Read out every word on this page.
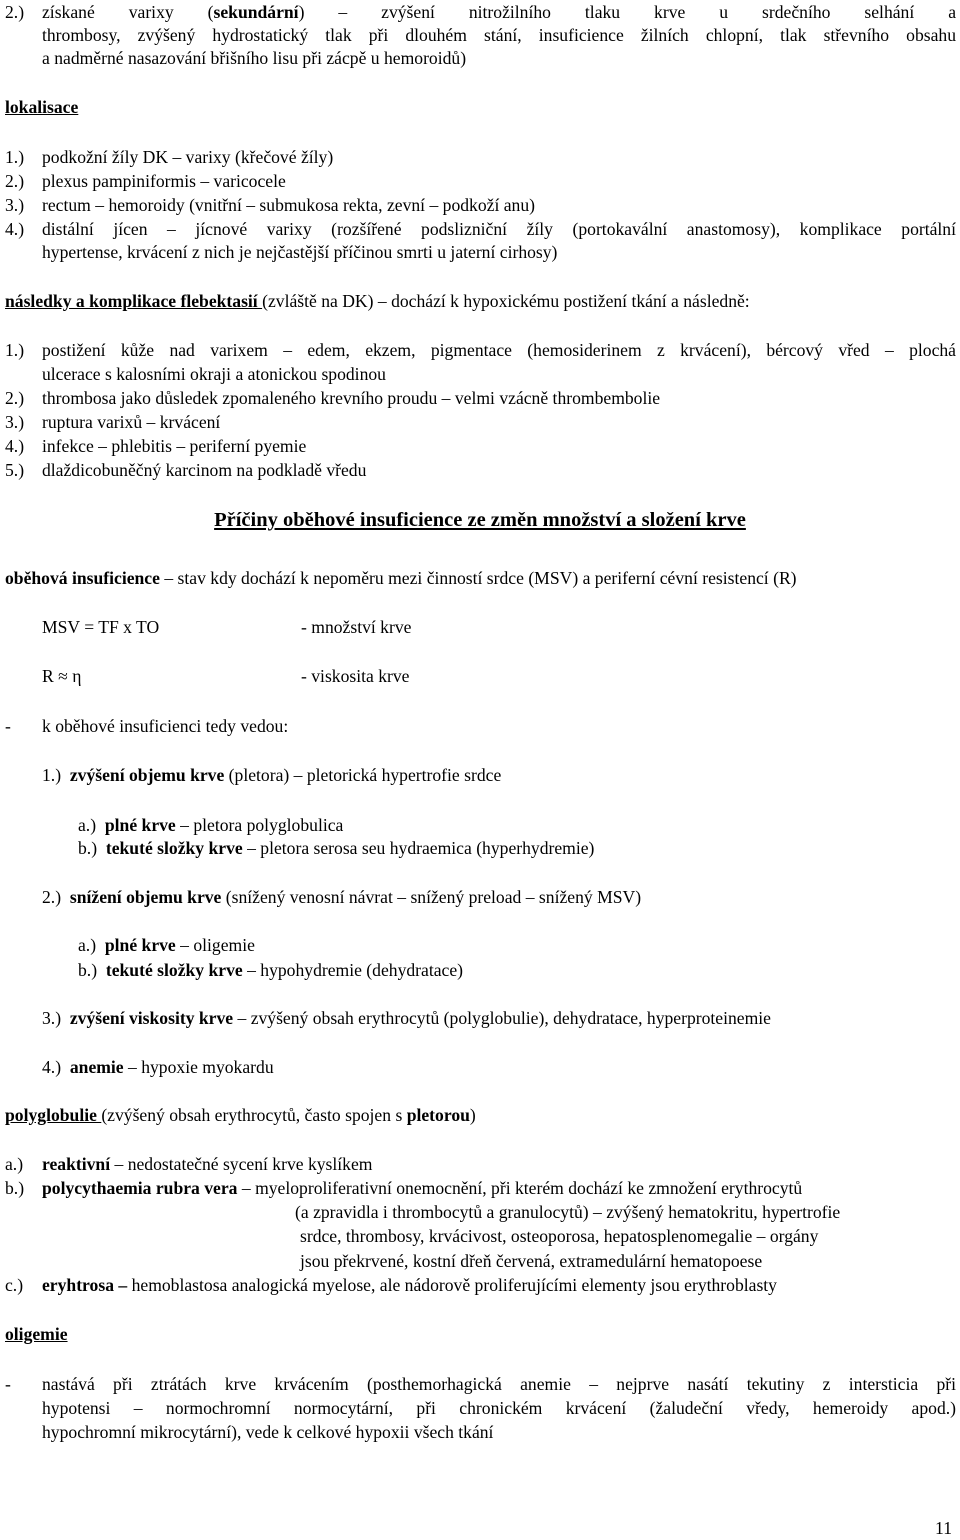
2.) získané varixy (sekundární) – zvýšení nitrožilního tlaku krve u srdečního selhání a
thrombosy, zvýšený hydrostatický tlak při dlouhém stání, insuficience žilních chlopní, tlak střevního obsahu
a nadměrné nasazování břišního lisu při zácpě u hemoroidů)
lokalisace
1.) podkožní žíly DK – varixy (křečové žíly)
2.) plexus pampiniformis – varicocele
3.) rectum – hemoroidy (vnitřní – submukosa rekta, zevní – podkoží anu)
4.) distální jícen – jícnové varixy (rozšířené podslizniční žíly (portokavální anastomosy), komplikace portální
hypertense, krvácení z nich je nejčastější příčinou smrti u jaterní cirhosy)
následky a komplikace flebektasií (zvláště na DK) – dochází k hypoxickému postižení tkání a následně:
1.) postižení kůže nad varixem – edem, ekzem, pigmentace (hemosiderinem z krvácení), bércový vřed – plochá
ulcerace s kalosními okraji a atonickou spodinou
2.) thrombosa jako důsledek zpomaleného krevního proudu – velmi vzácně thrombembolie
3.) ruptura varixů – krvácení
4.) infekce – phlebitis – periferní pyemie
5.) dlaždicobuněčný karcinom na podkladě vředu
Příčiny oběhové insuficience ze změn množství a složení krve
oběhová insuficience – stav kdy dochází k nepoměru mezi činností srdce (MSV) a periferní cévní resistencí (R)
MSV = TF x TO	- množství krve
R ≈ η	- viskosita krve
- k oběhové insuficienci tedy vedou:
1.) zvýšení objemu krve (pletora) – pletorická hypertrofie srdce
a.) plné krve – pletora polyglobulica
b.) tekuté složky krve – pletora serosa seu hydraemica (hyperhydremie)
2.) snížení objemu krve (snížený venosní návrat – snížený preload – snížený MSV)
a.) plné krve – oligemie
b.) tekuté složky krve – hypohydremie (dehydratace)
3.) zvýšení viskosity krve – zvýšený obsah erythrocytů (polyglobulie), dehydratace, hyperproteinemie
4.) anemie – hypoxie myokardu
polyglobulie (zvýšený obsah erythrocytů, často spojen s pletorou)
a.) reaktivní – nedostatečné sycení krve kyslíkem
b.) polycythaemia rubra vera – myeloproliferativní onemocnění, při kterém dochází ke zmnožení erythrocytů
(a zpravidla i thrombocytů a granulocytů) – zvýšený hematokritu, hypertrofie
srdce, thrombosy, krvácivost, osteoporosa, hepatosplenomegalie – orgány
jsou překrvené, kostní dřeň červená, extramedulární hematopoese
c.) eryhtrosa – hemoblastosa analogická myelose, ale nádorově proliferujícími elementy jsou erythroblasty
oligemie
- nastává při ztrátách krve krvácením (posthemorhagická anemie – nejprve nasátí tekutiny z intersticia při
hypotensi – normochromní normocytární, při chronickém krvácení (žaludeční vředy, hemeroidy apod.)
hypochromní mikrocytární), vede k celkové hypoxii všech tkání
11
